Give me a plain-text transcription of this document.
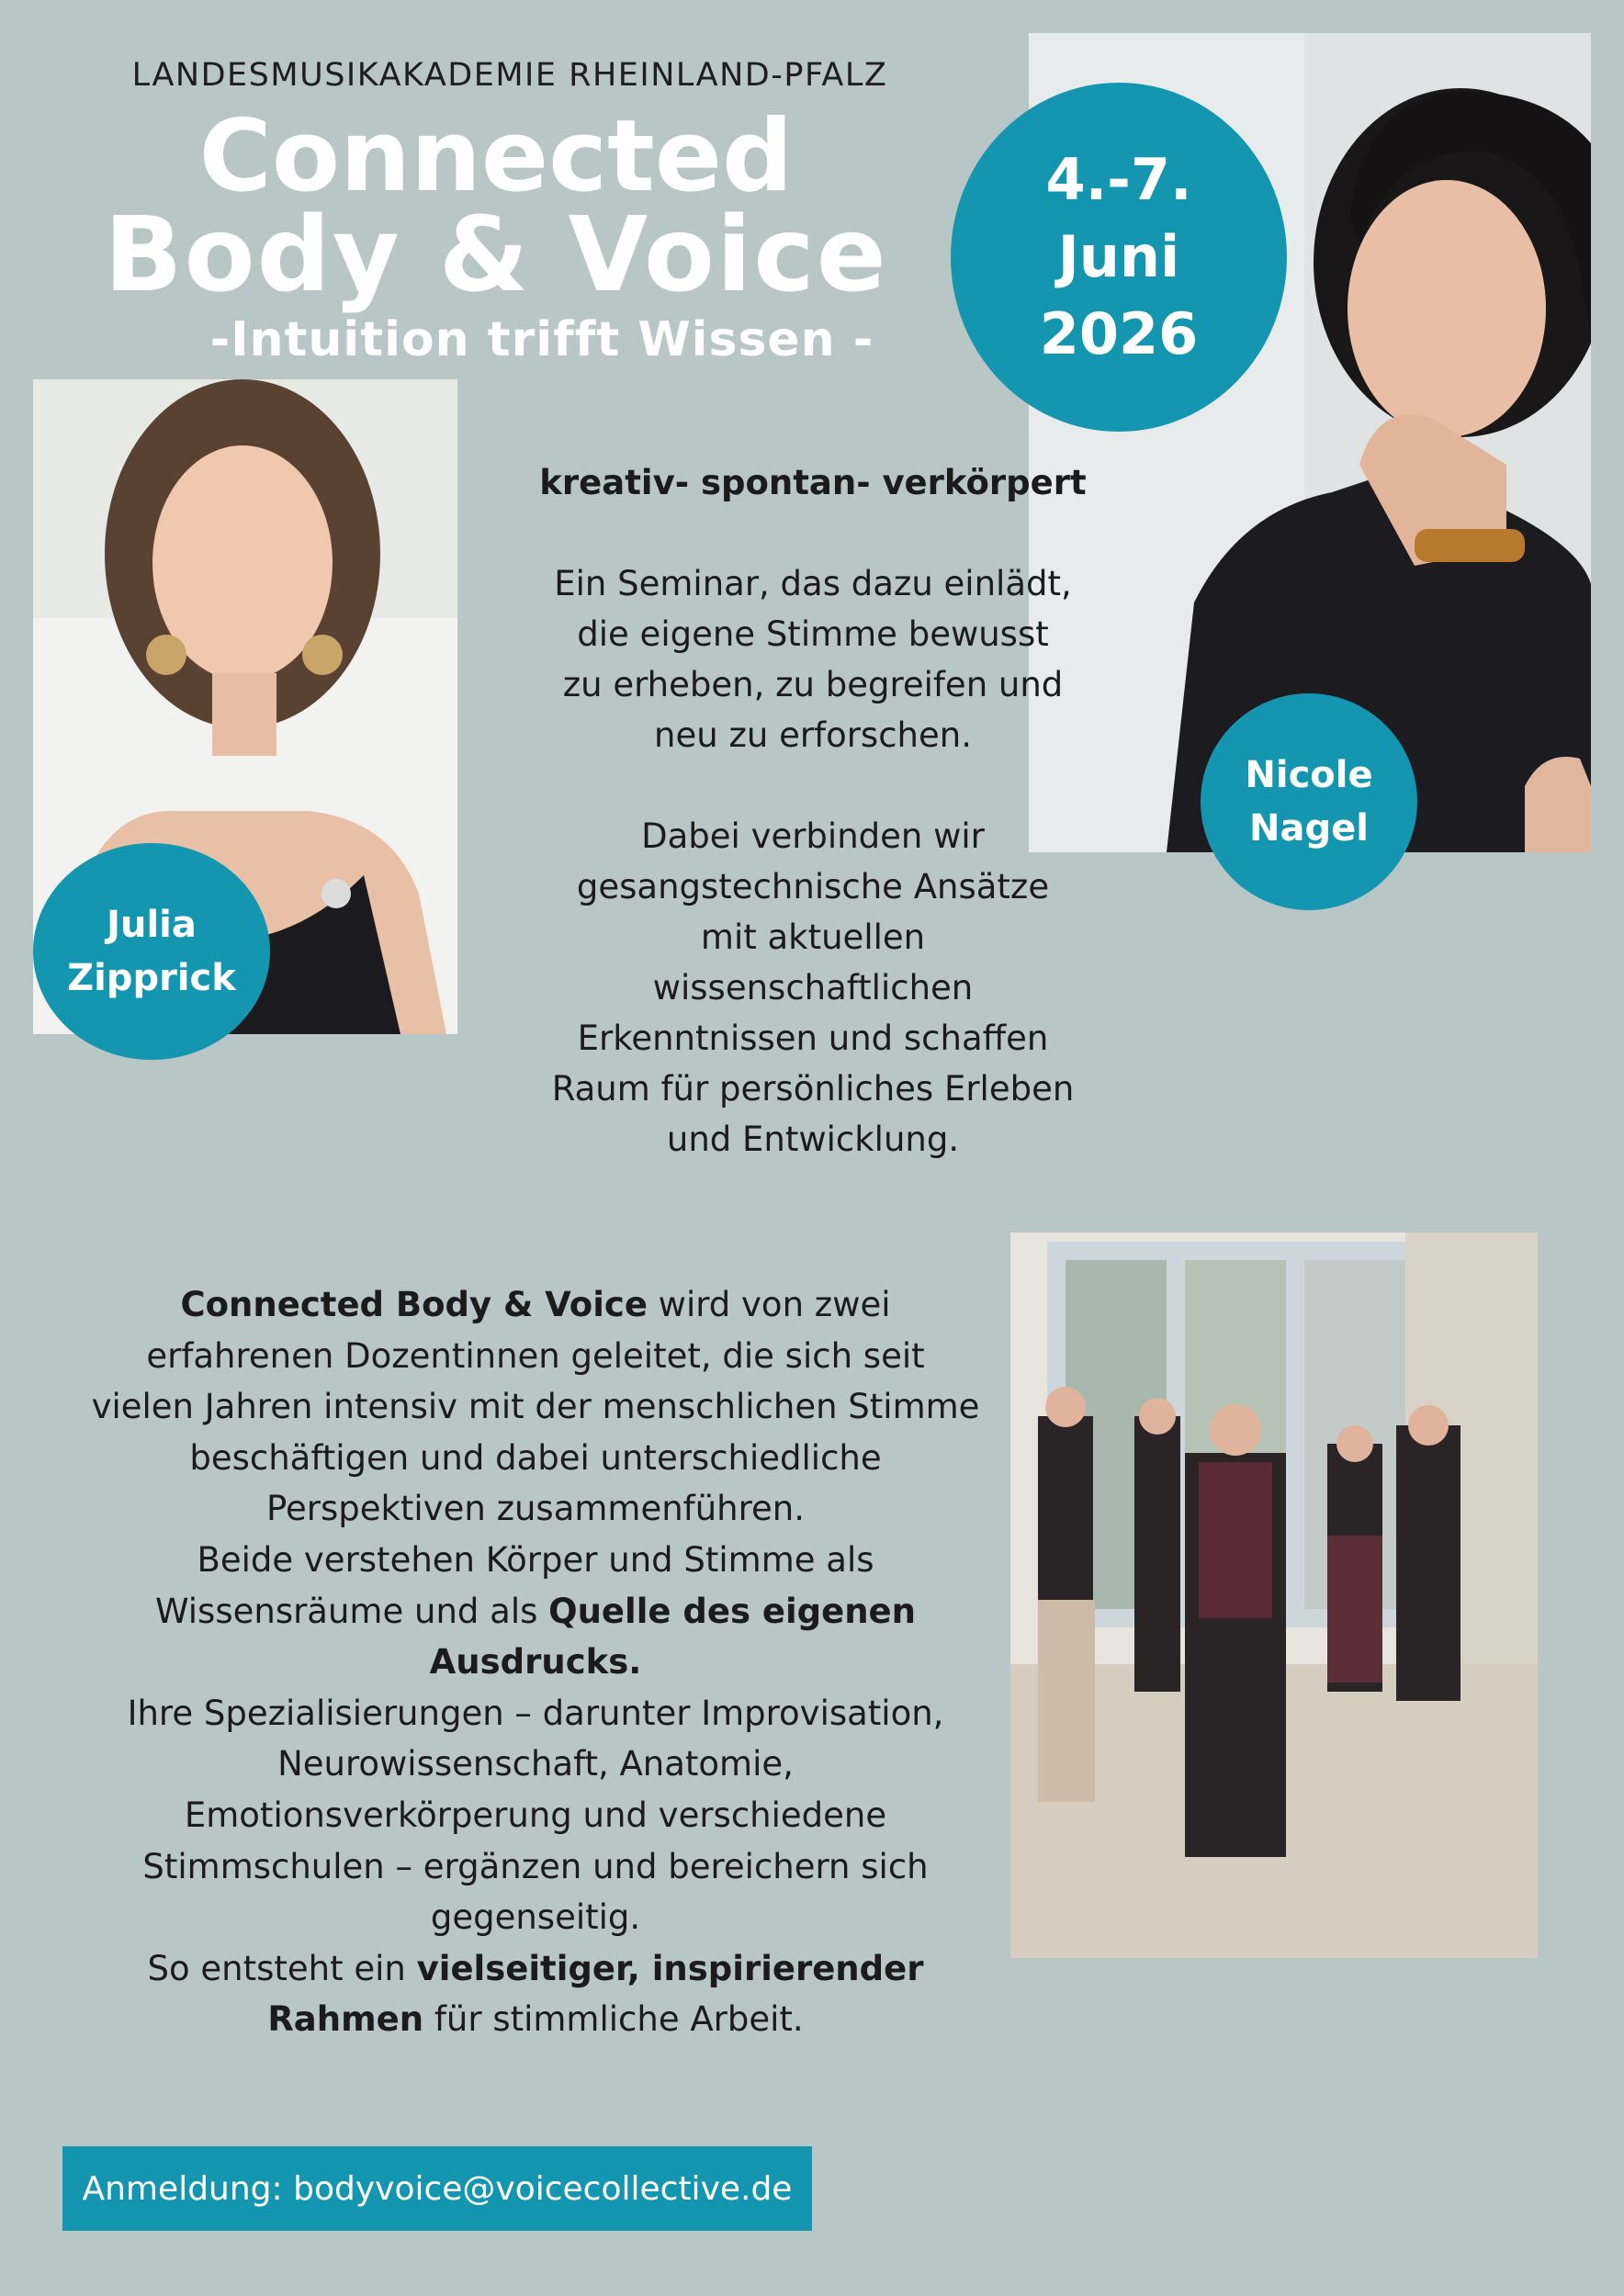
LANDESMUSIKAKADEMIE RHEINLAND-PFALZ
Connected
Body & Voice
-Intuition trifft Wissen -
4.-7.
Juni
2026
Nicole
Nagel
Julia
Zipprick
kreativ- spontan- verkörpert

Ein Seminar, das dazu einlädt,
die eigene Stimme bewusst
zu erheben, zu begreifen und
neu zu erforschen.

Dabei verbinden wir
gesangstechnische Ansätze
mit aktuellen
wissenschaftlichen
Erkenntnissen und schaffen
Raum für persönliches Erleben
und Entwicklung.

Connected Body & Voice wird von zwei erfahrenen Dozentinnen geleitet, die sich seit vielen Jahren intensiv mit der menschlichen Stimme beschäftigen und dabei unterschiedliche Perspektiven zusammenführen.

Beide verstehen Körper und Stimme als Wissensräume und als Quelle des eigenen Ausdrucks.

Ihre Spezialisierungen – darunter Improvisation, Neurowissenschaft, Anatomie, Emotionsverkörperung und verschiedene Stimmschulen – ergänzen und bereichern sich gegenseitig.

So entsteht ein vielseitiger, inspirierender Rahmen für stimmliche Arbeit.

Anmeldung: bodyvoice@voicecollective.de
